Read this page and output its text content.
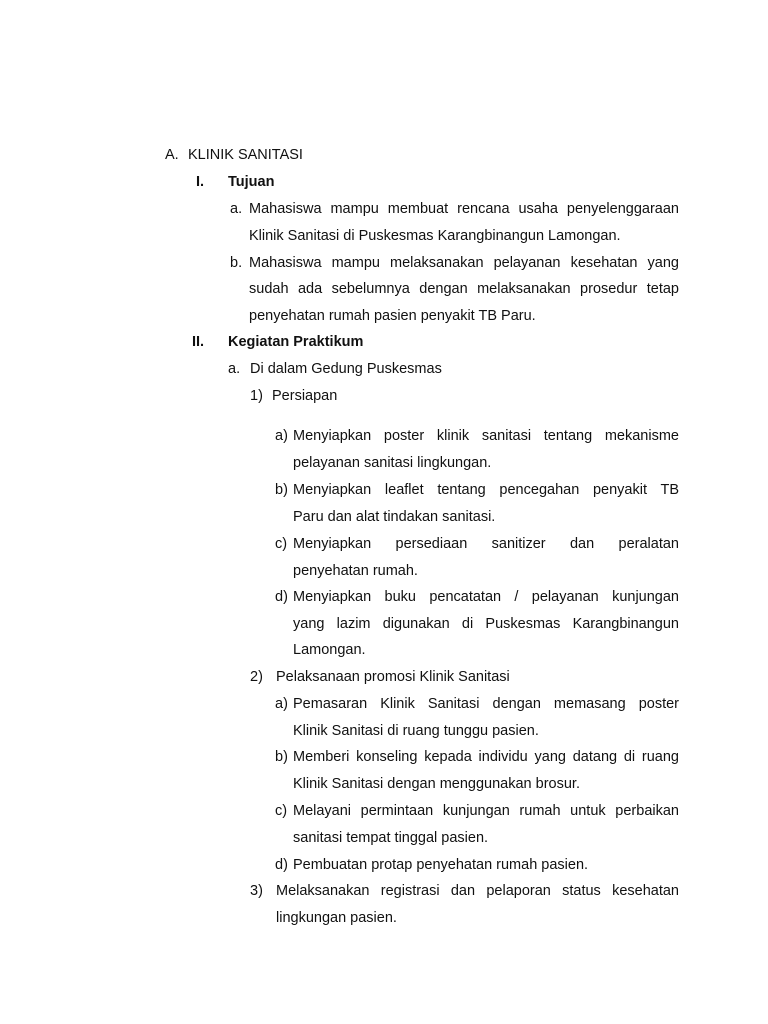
A. KLINIK SANITASI
I. Tujuan
a. Mahasiswa mampu membuat rencana usaha penyelenggaraan
Klinik Sanitasi di Puskesmas Karangbinangun Lamongan.
b. Mahasiswa mampu melaksanakan pelayanan kesehatan yang
sudah ada sebelumnya dengan melaksanakan prosedur tetap
penyehatan rumah pasien penyakit TB Paru.
II. Kegiatan Praktikum
a. Di dalam Gedung Puskesmas
1) Persiapan
a) Menyiapkan poster klinik sanitasi tentang mekanisme
pelayanan sanitasi lingkungan.
b) Menyiapkan leaflet tentang pencegahan penyakit TB
Paru dan alat tindakan sanitasi.
c) Menyiapkan persediaan sanitizer dan peralatan
penyehatan rumah.
d) Menyiapkan buku pencatatan / pelayanan kunjungan
yang lazim digunakan di Puskesmas Karangbinangun
Lamongan.
2) Pelaksanaan promosi Klinik Sanitasi
a) Pemasaran Klinik Sanitasi dengan memasang poster
Klinik Sanitasi di ruang tunggu pasien.
b) Memberi konseling kepada individu yang datang di ruang
Klinik Sanitasi dengan menggunakan brosur.
c) Melayani permintaan kunjungan rumah untuk perbaikan
sanitasi tempat tinggal pasien.
d) Pembuatan protap penyehatan rumah pasien.
3) Melaksanakan registrasi dan pelaporan status kesehatan
lingkungan pasien.
